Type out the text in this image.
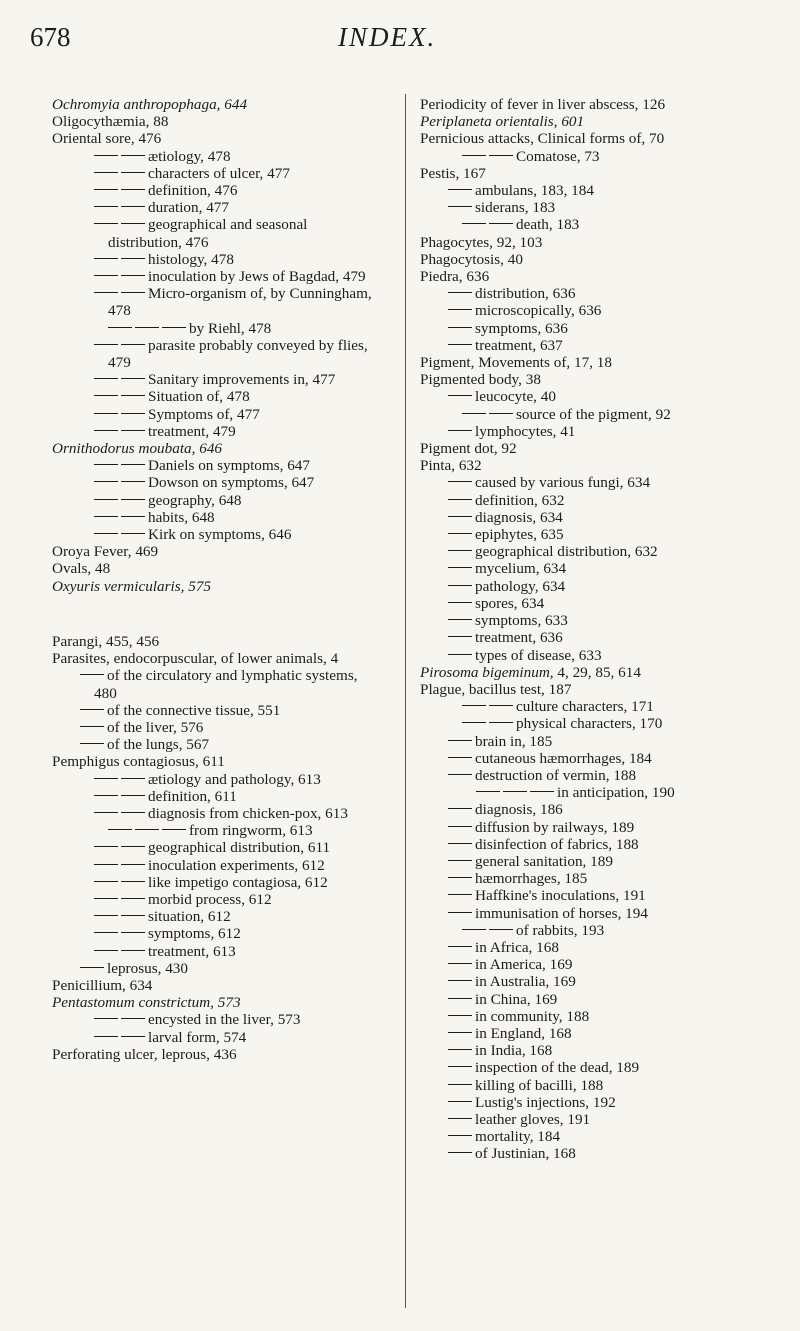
678	INDEX.
Ochromyia anthropophaga, 644
Oligocythæmia, 88
Oriental sore, 476
ætiology, 478
characters of ulcer, 477
definition, 476
duration, 477
geographical and seasonal distribution, 476
histology, 478
inoculation by Jews of Bagdad, 479
Micro-organism of, by Cunningham, 478
by Riehl, 478
parasite probably conveyed by flies, 479
Sanitary improvements in, 477
Situation of, 478
Symptoms of, 477
treatment, 479
Ornithodorus moubata, 646
Daniels on symptoms, 647
Dowson on symptoms, 647
geography, 648
habits, 648
Kirk on symptoms, 646
Oroya Fever, 469
Ovals, 48
Oxyuris vermicularis, 575
Parangi, 455, 456
Parasites, endocorpuscular, of lower animals, 4
of the circulatory and lymphatic systems, 480
of the connective tissue, 551
of the liver, 576
of the lungs, 567
Pemphigus contagiosus, 611
ætiology and pathology, 613
definition, 611
diagnosis from chicken-pox, 613
from ringworm, 613
geographical distribution, 611
inoculation experiments, 612
like impetigo contagiosa, 612
morbid process, 612
situation, 612
symptoms, 612
treatment, 613
leprosus, 430
Penicillium, 634
Pentastomum constrictum, 573
encysted in the liver, 573
larval form, 574
Perforating ulcer, leprous, 436
Periodicity of fever in liver abscess, 126
Periplaneta orientalis, 601
Pernicious attacks, Clinical forms of, 70
Comatose, 73
Pestis, 167
ambulans, 183, 184
siderans, 183
death, 183
Phagocytes, 92, 103
Phagocytosis, 40
Piedra, 636
distribution, 636
microscopically, 636
symptoms, 636
treatment, 637
Pigment, Movements of, 17, 18
Pigmented body, 38
leucocyte, 40
source of the pigment, 92
lymphocytes, 41
Pigment dot, 92
Pinta, 632
caused by various fungi, 634
definition, 632
diagnosis, 634
epiphytes, 635
geographical distribution, 632
mycelium, 634
pathology, 634
spores, 634
symptoms, 633
treatment, 636
types of disease, 633
Pirosoma bigeminum, 4, 29, 85, 614
Plague, bacillus test, 187
culture characters, 171
physical characters, 170
brain in, 185
cutaneous hæmorrhages, 184
destruction of vermin, 188
in anticipation, 190
diagnosis, 186
diffusion by railways, 189
disinfection of fabrics, 188
general sanitation, 189
hæmorrhages, 185
Haffkine's inoculations, 191
immunisation of horses, 194
of rabbits, 193
in Africa, 168
in America, 169
in Australia, 169
in China, 169
in community, 188
in England, 168
in India, 168
inspection of the dead, 189
killing of bacilli, 188
Lustig's injections, 192
leather gloves, 191
mortality, 184
of Justinian, 168
